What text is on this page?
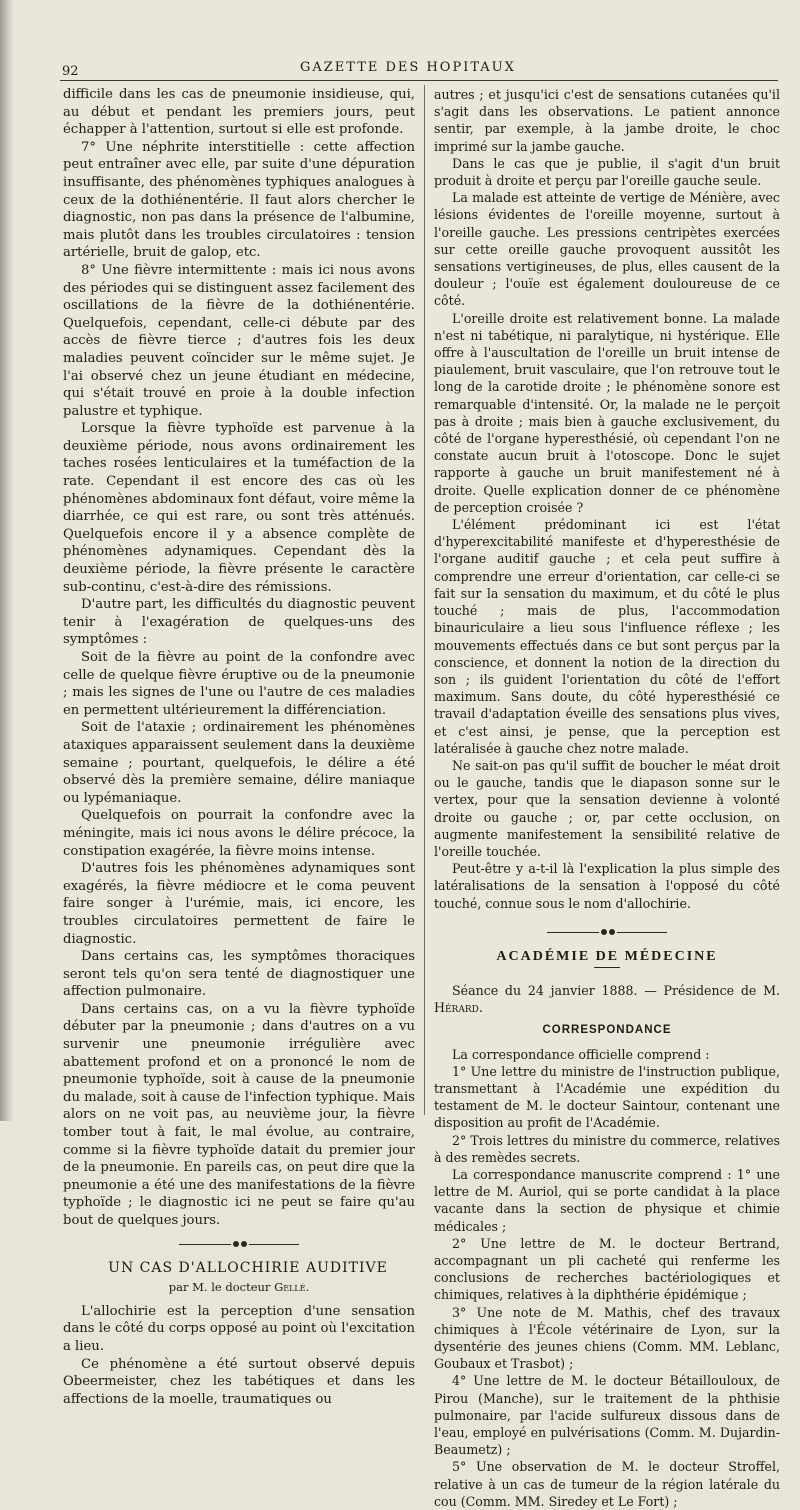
92	GAZETTE DES HOPITAUX

difficile dans les cas de pneumonie insidieuse, qui, au début et pendant les premiers jours, peut échapper à l'attention, surtout si elle est profonde.

7° Une néphrite interstitielle : cette affection peut entraîner avec elle, par suite d'une dépuration insuffisante, des phénomènes typhiques analogues à ceux de la dothiénentérie. Il faut alors chercher le diagnostic, non pas dans la présence de l'albumine, mais plutôt dans les troubles circulatoires : tension artérielle, bruit de galop, etc.

8° Une fièvre intermittente : mais ici nous avons des périodes qui se distinguent assez facilement des oscillations de la fièvre de la dothiénentérie. Quelquefois, cependant, celle-ci débute par des accès de fièvre tierce ; d'autres fois les deux maladies peuvent coïncider sur le même sujet. Je l'ai observé chez un jeune étudiant en médecine, qui s'était trouvé en proie à la double infection palustre et typhique.

Lorsque la fièvre typhoïde est parvenue à la deuxième période, nous avons ordinairement les taches rosées lenticulaires et la tuméfaction de la rate. Cependant il est encore des cas où les phénomènes abdominaux font défaut, voire même la diarrhée, ce qui est rare, ou sont très atténués. Quelquefois encore il y a absence complète de phénomènes adynamiques. Cependant dès la deuxième période, la fièvre présente le caractère sub-continu, c'est-à-dire des rémissions.

D'autre part, les difficultés du diagnostic peuvent tenir à l'exagération de quelques-uns des symptômes :

Soit de la fièvre au point de la confondre avec celle de quelque fièvre éruptive ou de la pneumonie ; mais les signes de l'une ou l'autre de ces maladies en permettent ultérieurement la différenciation.

Soit de l'ataxie ; ordinairement les phénomènes ataxiques apparaissent seulement dans la deuxième semaine ; pourtant, quelquefois, le délire a été observé dès la première semaine, délire maniaque ou lypémaniaque.

Quelquefois on pourrait la confondre avec la méningite, mais ici nous avons le délire précoce, la constipation exagérée, la fièvre moins intense.

D'autres fois les phénomènes adynamiques sont exagérés, la fièvre médiocre et le coma peuvent faire songer à l'urémie, mais, ici encore, les troubles circulatoires permettent de faire le diagnostic.

Dans certains cas, les symptômes thoraciques seront tels qu'on sera tenté de diagnostiquer une affection pulmonaire.

Dans certains cas, on a vu la fièvre typhoïde débuter par la pneumonie ; dans d'autres on a vu survenir une pneumonie irrégulière avec abattement profond et on a prononcé le nom de pneumonie typhoïde, soit à cause de la pneumonie du malade, soit à cause de l'infection typhique. Mais alors on ne voit pas, au neuvième jour, la fièvre tomber tout à fait, le mal évolue, au contraire, comme si la fièvre typhoïde datait du premier jour de la pneumonie. En pareils cas, on peut dire que la pneumonie a été une des manifestations de la fièvre typhoïde ; le diagnostic ici ne peut se faire qu'au bout de quelques jours.

UN CAS D'ALLOCHIRIE AUDITIVE

par M. le docteur Gellé.

L'allochirie est la perception d'une sensation dans le côté du corps opposé au point où l'excitation a lieu.

Ce phénomène a été surtout observé depuis Obeermeister, chez les tabétiques et dans les affections de la moelle, traumatiques ou

autres ; et jusqu'ici c'est de sensations cutanées qu'il s'agit dans les observations. Le patient annonce sentir, par exemple, à la jambe droite, le choc imprimé sur la jambe gauche.

Dans le cas que je publie, il s'agit d'un bruit produit à droite et perçu par l'oreille gauche seule.

La malade est atteinte de vertige de Ménière, avec lésions évidentes de l'oreille moyenne, surtout à l'oreille gauche. Les pressions centripètes exercées sur cette oreille gauche provoquent aussitôt les sensations vertigineuses, de plus, elles causent de la douleur ; l'ouïe est également douloureuse de ce côté.

L'oreille droite est relativement bonne. La malade n'est ni tabétique, ni paralytique, ni hystérique. Elle offre à l'auscultation de l'oreille un bruit intense de piaulement, bruit vasculaire, que l'on retrouve tout le long de la carotide droite ; le phénomène sonore est remarquable d'intensité. Or, la malade ne le perçoit pas à droite ; mais bien à gauche exclusivement, du côté de l'organe hyperesthésié, où cependant l'on ne constate aucun bruit à l'otoscope. Donc le sujet rapporte à gauche un bruit manifestement né à droite. Quelle explication donner de ce phénomène de perception croisée ?

L'élément prédominant ici est l'état d'hyperexcitabilité manifeste et d'hyperesthésie de l'organe auditif gauche ; et cela peut suffire à comprendre une erreur d'orientation, car celle-ci se fait sur la sensation du maximum, et du côté le plus touché ; mais de plus, l'accommodation binauriculaire a lieu sous l'influence réflexe ; les mouvements effectués dans ce but sont perçus par la conscience, et donnent la notion de la direction du son ; ils guident l'orientation du côté de l'effort maximum. Sans doute, du côté hyperesthésié ce travail d'adaptation éveille des sensations plus vives, et c'est ainsi, je pense, que la perception est latéralisée à gauche chez notre malade.

Ne sait-on pas qu'il suffit de boucher le méat droit ou le gauche, tandis que le diapason sonne sur le vertex, pour que la sensation devienne à volonté droite ou gauche ; or, par cette occlusion, on augmente manifestement la sensibilité relative de l'oreille touchée.

Peut-être y a-t-il là l'explication la plus simple des latéralisations de la sensation à l'opposé du côté touché, connue sous le nom d'allochirie.

ACADÉMIE DE MÉDECINE

Séance du 24 janvier 1888. — Présidence de M. Hérard.

CORRESPONDANCE

La correspondance officielle comprend :

1° Une lettre du ministre de l'instruction publique, transmettant à l'Académie une expédition du testament de M. le docteur Saintour, contenant une disposition au profit de l'Académie.

2° Trois lettres du ministre du commerce, relatives à des remèdes secrets.

La correspondance manuscrite comprend : 1° une lettre de M. Auriol, qui se porte candidat à la place vacante dans la section de physique et chimie médicales ;

2° Une lettre de M. le docteur Bertrand, accompagnant un pli cacheté qui renferme les conclusions de recherches bactériologiques et chimiques, relatives à la diphthérie épidémique ;

3° Une note de M. Mathis, chef des travaux chimiques à l'École vétérinaire de Lyon, sur la dysentérie des jeunes chiens (Comm. MM. Leblanc, Goubaux et Trasbot) ;

4° Une lettre de M. le docteur Bétaillouloux, de Pirou (Manche), sur le traitement de la phthisie pulmonaire, par l'acide sulfureux dissous dans de l'eau, employé en pulvérisations (Comm. M. Dujardin-Beaumetz) ;

5° Une observation de M. le docteur Stroffel, relative à un cas de tumeur de la région latérale du cou (Comm. MM. Siredey et Le Fort) ;
